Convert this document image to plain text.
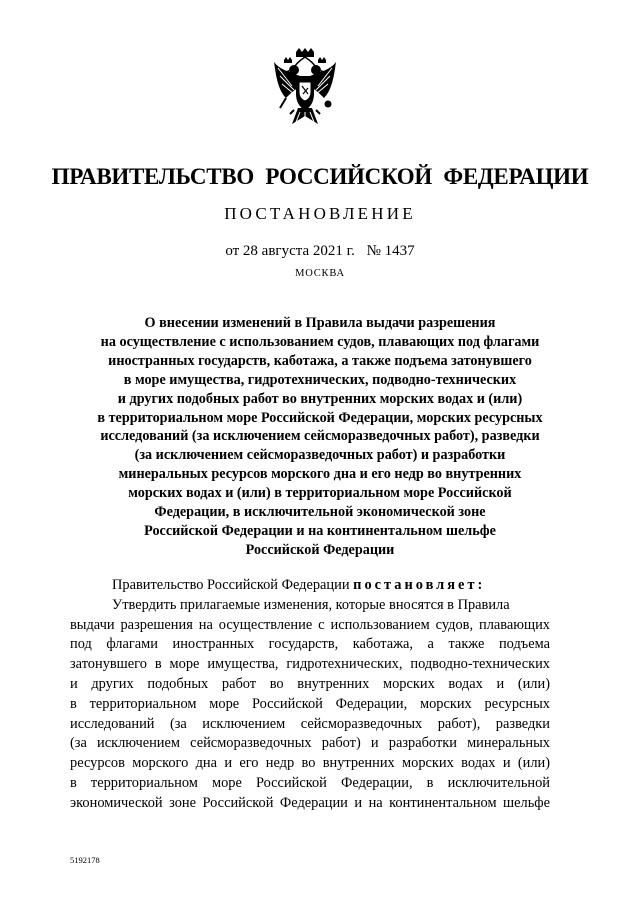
ПРАВИТЕЛЬСТВО РОССИЙСКОЙ ФЕДЕРАЦИИ
ПОСТАНОВЛЕНИЕ
от 28 августа 2021 г. № 1437
МОСКВА
О внесении изменений в Правила выдачи разрешения
на осуществление с использованием судов, плавающих под флагами
иностранных государств, каботажа, а также подъема затонувшего
в море имущества, гидротехнических, подводно-технических
и других подобных работ во внутренних морских водах и (или)
в территориальном море Российской Федерации, морских ресурсных
исследований (за исключением сейсморазведочных работ), разведки
(за исключением сейсморазведочных работ) и разработки
минеральных ресурсов морского дна и его недр во внутренних
морских водах и (или) в территориальном море Российской
Федерации, в исключительной экономической зоне
Российской Федерации и на континентальном шельфе
Российской Федерации
Правительство Российской Федерации постановляет:
Утвердить прилагаемые изменения, которые вносятся в Правила
выдачи разрешения на осуществление с использованием судов, плавающих
под флагами иностранных государств, каботажа, а также подъема
затонувшего в море имущества, гидротехнических, подводно-технических
и других подобных работ во внутренних морских водах и (или)
в территориальном море Российской Федерации, морских ресурсных
исследований (за исключением сейсморазведочных работ), разведки
(за исключением сейсморазведочных работ) и разработки минеральных
ресурсов морского дна и его недр во внутренних морских водах и (или)
в территориальном море Российской Федерации, в исключительной
экономической зоне Российской Федерации и на континентальном шельфе
5192178
